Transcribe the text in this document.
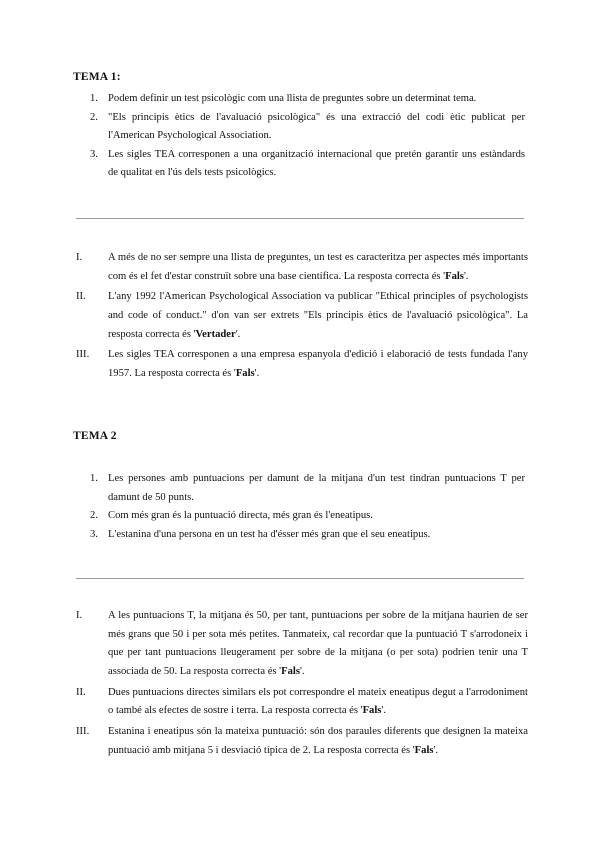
TEMA 1:
1. Podem definir un test psicològic com una llista de preguntes sobre un determinat tema.
2. "Els principis ètics de l'avaluació psicològica" és una extracció del codi ètic publicat per l'American Psychological Association.
3. Les sigles TEA corresponen a una organització internacional que pretén garantir uns estàndards de qualitat en l'ús dels tests psicològics.
I. A més de no ser sempre una llista de preguntes, un test es caracteritza per aspectes més importants com és el fet d'estar construït sobre una base científica. La resposta correcta és 'Fals'.
II. L'any 1992 l'American Psychological Association va publicar "Ethical principles of psychologists and code of conduct." d'on van ser extrets "Els principis ètics de l'avaluació psicològica". La resposta correcta és 'Vertader'.
III. Les sigles TEA corresponen a una empresa espanyola d'edició i elaboració de tests fundada l'any 1957. La resposta correcta és 'Fals'.
TEMA 2
1. Les persones amb puntuacions per damunt de la mitjana d'un test tindran puntuacions T per damunt de 50 punts.
2. Com més gran és la puntuació directa, més gran és l'eneatipus.
3. L'estanina d'una persona en un test ha d'ésser més gran que el seu eneatipus.
I. A les puntuacions T, la mitjana és 50, per tant, puntuacions per sobre de la mitjana haurien de ser més grans que 50 i per sota més petites. Tanmateix, cal recordar que la puntuació T s'arrodoneix i que per tant puntuacions lleugerament per sobre de la mitjana (o per sota) podrien tenir una T associada de 50. La resposta correcta és 'Fals'.
II. Dues puntuacions directes similars els pot correspondre el mateix eneatipus degut a l'arrodoniment o també als efectes de sostre i terra. La resposta correcta és 'Fals'.
III. Estanina i eneatipus són la mateixa puntuació: són dos paraules diferents que designen la mateixa puntuació amb mitjana 5 i desviació típica de 2. La resposta correcta és 'Fals'.
